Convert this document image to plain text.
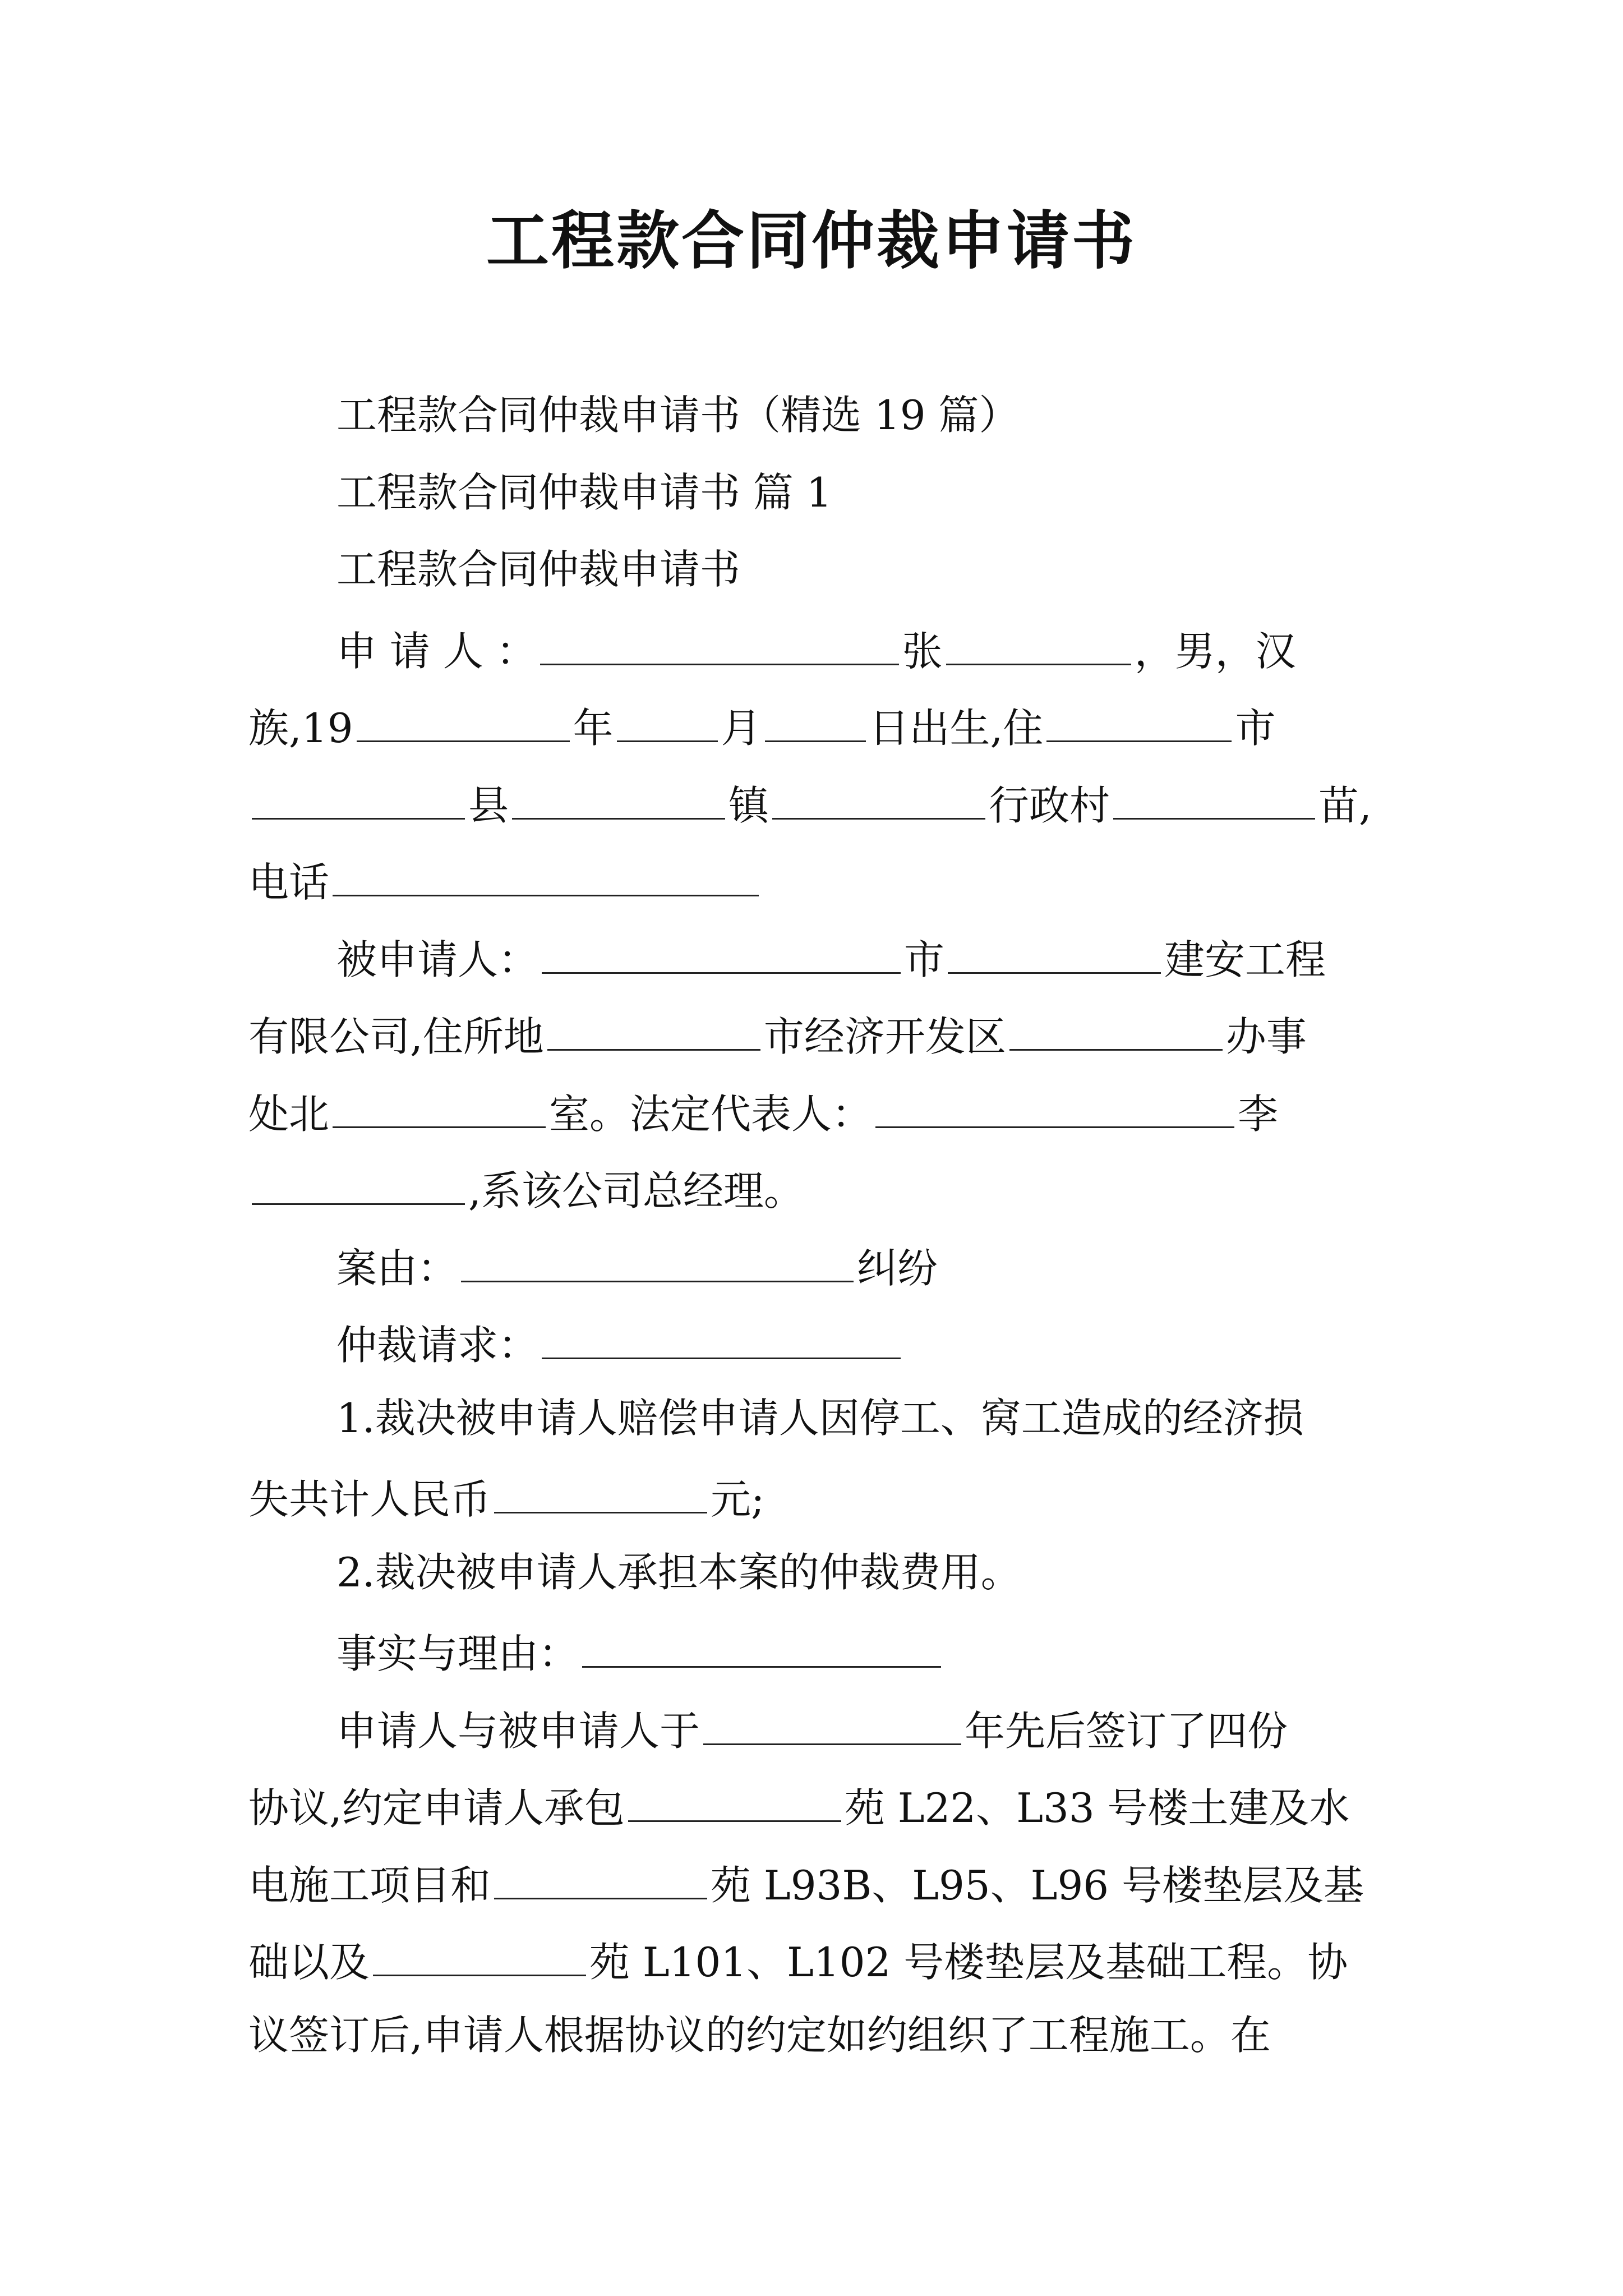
工程款合同仲裁申请书
工程款合同仲裁申请书（精选 19 篇）
工程款合同仲裁申请书 篇 1
工程款合同仲裁申请书
申 请 人 ：	张	，男，汉
族,19	年	月	日出生,住	市
县	镇	行政村	苗,
电话
被申请人：	市	建安工程
有限公司,住所地	市经济开发区	办事
处北	室。法定代表人：	李
,系该公司总经理。
案由：	纠纷
仲裁请求：
1.裁决被申请人赔偿申请人因停工、窝工造成的经济损
失共计人民币	元;
2.裁决被申请人承担本案的仲裁费用。
事实与理由：
申请人与被申请人于	年先后签订了四份
协议,约定申请人承包	苑 L22、L33 号楼土建及水
电施工项目和	苑 L93B、L95、L96 号楼垫层及基
础以及	苑 L101、L102 号楼垫层及基础工程。协
议签订后,申请人根据协议的约定如约组织了工程施工。在
